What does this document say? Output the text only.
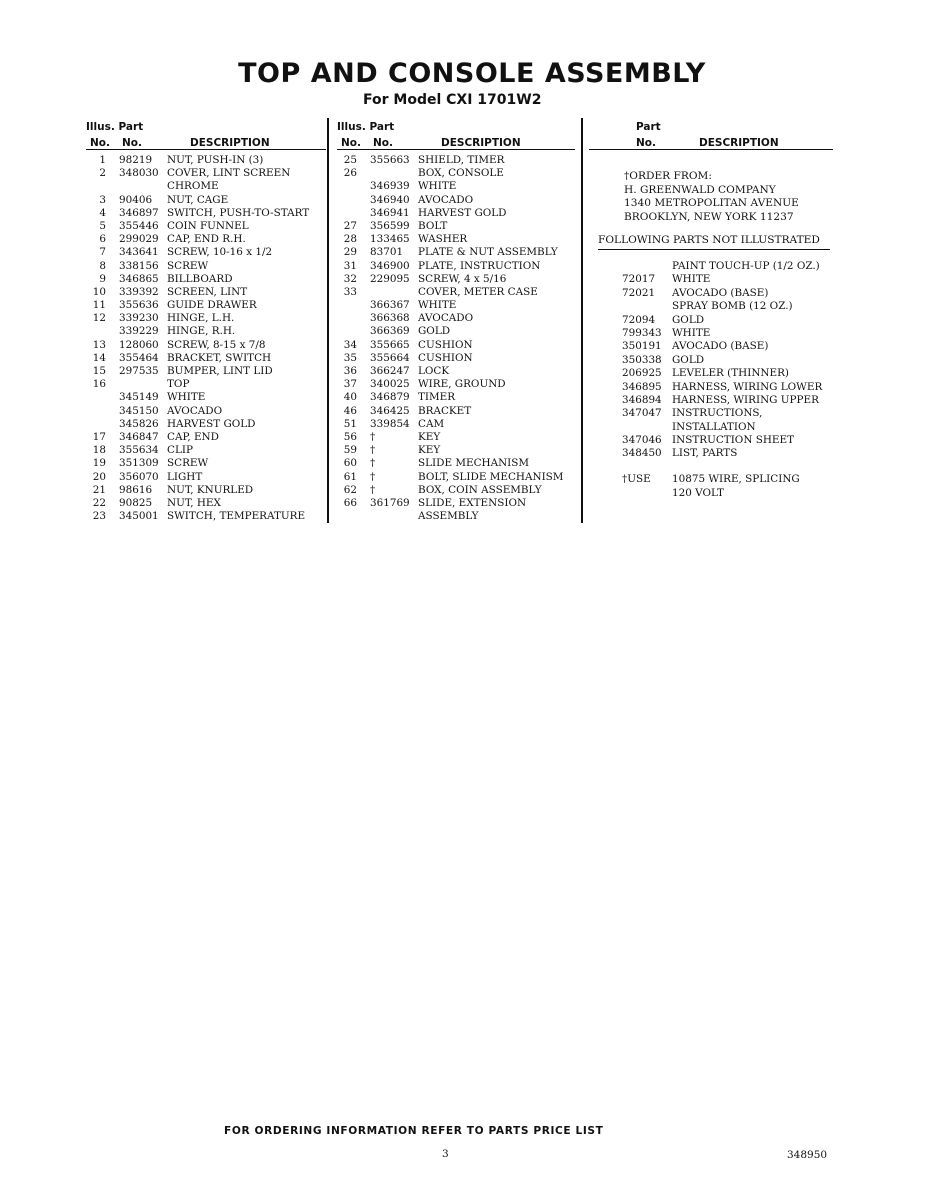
TOP AND CONSOLE ASSEMBLY
For Model CXI 1701W2
Illus. Part
No. No.	DESCRIPTION
1 98219 NUT, PUSH-IN (3)
2 348030 COVER, LINT SCREEN
CHROME
3 90406 NUT, CAGE
4 346897 SWITCH, PUSH-TO-START
5 355446 COIN FUNNEL
6 299029 CAP, END R.H.
7 343641 SCREW, 10-16 x 1/2
8 338156 SCREW
9 346865 BILLBOARD
10 339392 SCREEN, LINT
11 355636 GUIDE DRAWER
12 339230 HINGE, L.H.
339229 HINGE, R.H.
13 128060 SCREW, 8-15 x 7/8
14 355464 BRACKET, SWITCH
15 297535 BUMPER, LINT LID
16	TOP
345149 WHITE
345150 AVOCADO
345826 HARVEST GOLD
17 346847 CAP, END
18 355634 CLIP
19 351309 SCREW
20 356070 LIGHT
21 98616 NUT, KNURLED
22 90825 NUT, HEX
23 345001 SWITCH, TEMPERATURE
Illus. Part
No. No.	DESCRIPTION
25 355663 SHIELD, TIMER
26	BOX, CONSOLE
346939 WHITE
346940 AVOCADO
346941 HARVEST GOLD
27 356599 BOLT
28 133465 WASHER
29 83701 PLATE & NUT ASSEMBLY
31 346900 PLATE, INSTRUCTION
32 229095 SCREW, 4 x 5/16
33	COVER, METER CASE
366367 WHITE
366368 AVOCADO
366369 GOLD
34 355665 CUSHION
35 355664 CUSHION
36 366247 LOCK
37 340025 WIRE, GROUND
40 346879 TIMER
46 346425 BRACKET
51 339854 CAM
56 †	KEY
59 †	KEY
60 †	SLIDE MECHANISM
61 †	BOLT, SLIDE MECHANISM
62 †	BOX, COIN ASSEMBLY
66 361769 SLIDE, EXTENSION
ASSEMBLY
Part
No.	DESCRIPTION
†ORDER FROM:
H. GREENWALD COMPANY
1340 METROPOLITAN AVENUE
BROOKLYN, NEW YORK 11237
FOLLOWING PARTS NOT ILLUSTRATED
PAINT TOUCH-UP (1/2 OZ.)
72017 WHITE
72021 AVOCADO (BASE)
SPRAY BOMB (12 OZ.)
72094 GOLD
799343 WHITE
350191 AVOCADO (BASE)
350338 GOLD
206925 LEVELER (THINNER)
346895 HARNESS, WIRING LOWER
346894 HARNESS, WIRING UPPER
347047 INSTRUCTIONS,
INSTALLATION
347046 INSTRUCTION SHEET
348450 LIST, PARTS
†USE 10875 WIRE, SPLICING
120 VOLT
FOR ORDERING INFORMATION REFER TO PARTS PRICE LIST
3	348950
